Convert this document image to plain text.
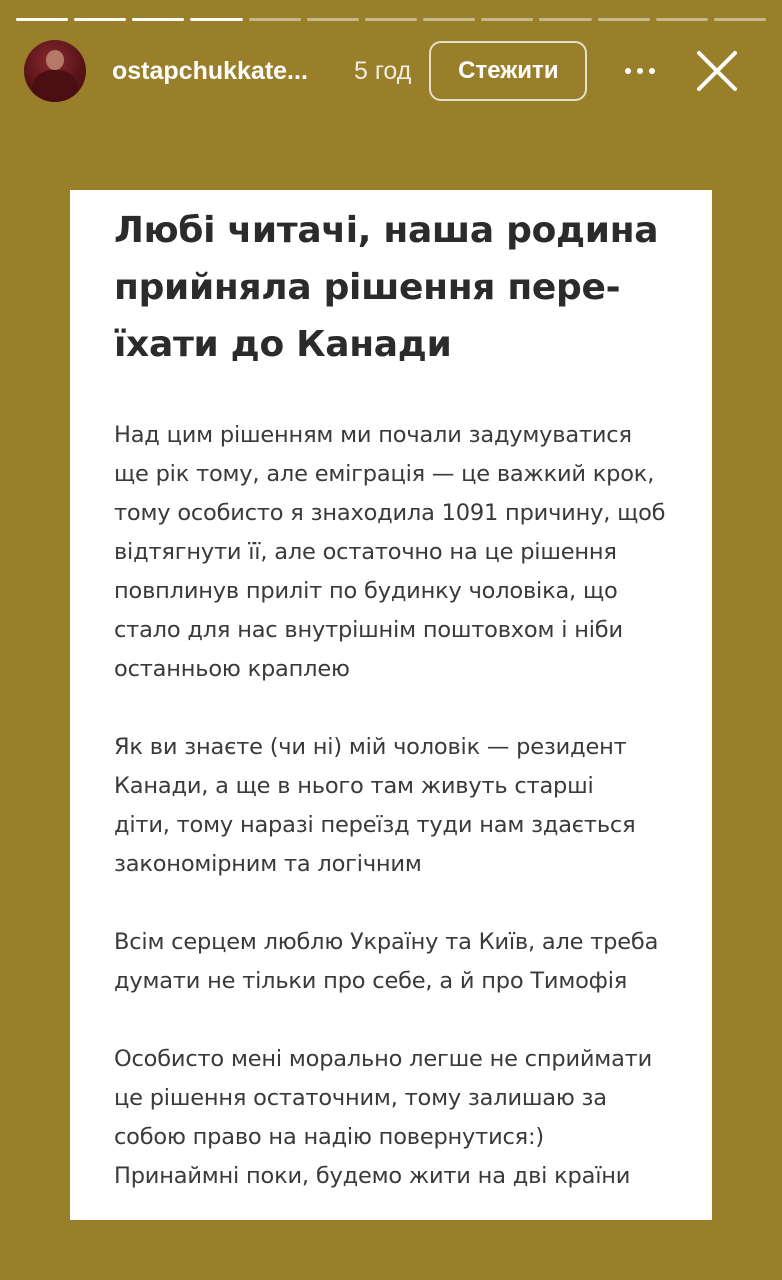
ostapchukkate...	5 год	Стежити
Любі читачі, наша родина
прийняла рішення пере-
їхати до Канади

Над цим рішенням ми почали задумуватися
ще рік тому, але еміграція — це важкий крок,
тому особисто я знаходила 1091 причину, щоб
відтягнути її, але остаточно на це рішення
повплинув приліт по будинку чоловіка, що
стало для нас внутрішнім поштовхом і ніби
останньою краплею

Як ви знаєте (чи ні) мій чоловік — резидент
Канади, а ще в нього там живуть старші
діти, тому наразі переїзд туди нам здається
закономірним та логічним

Всім серцем люблю Україну та Київ, але треба
думати не тільки про себе, а й про Тимофія

Особисто мені морально легше не сприймати
це рішення остаточним, тому залишаю за
собою право на надію повернутися:)
Принаймні поки, будемо жити на дві країни
